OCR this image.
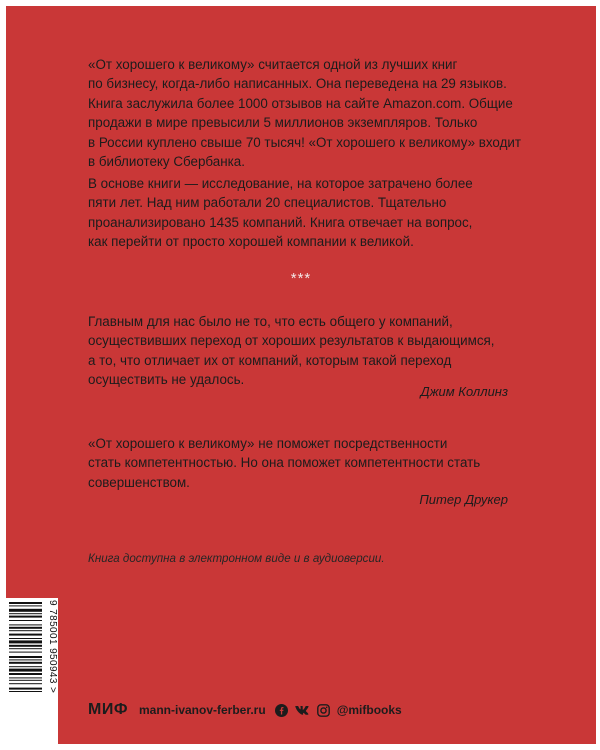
«От хорошего к великому» считается одной из лучших книг
по бизнесу, когда-либо написанных. Она переведена на 29 языков.
Книга заслужила более 1000 отзывов на сайте Amazon.com. Общие
продажи в мире превысили 5 миллионов экземпляров. Только
в России куплено свыше 70 тысяч! «От хорошего к великому» входит
в библиотеку Сбербанка.

В основе книги — исследование, на которое затрачено более
пяти лет. Над ним работали 20 специалистов. Тщательно
проанализировано 1435 компаний. Книга отвечает на вопрос,
как перейти от просто хорошей компании к великой.

***

Главным для нас было не то, что есть общего у компаний,
осуществивших переход от хороших результатов к выдающимся,
а то, что отличает их от компаний, которым такой переход
осуществить не удалось.

Джим Коллинз

«От хорошего к великому» не поможет посредственности
стать компетентностью. Но она поможет компетентности стать
совершенством.

Питер Друкер
Книга доступна в электронном виде и в аудиоверсии.
9 785001 950943 >
МИФ mann-ivanov-ferber.ru	@mifbooks
